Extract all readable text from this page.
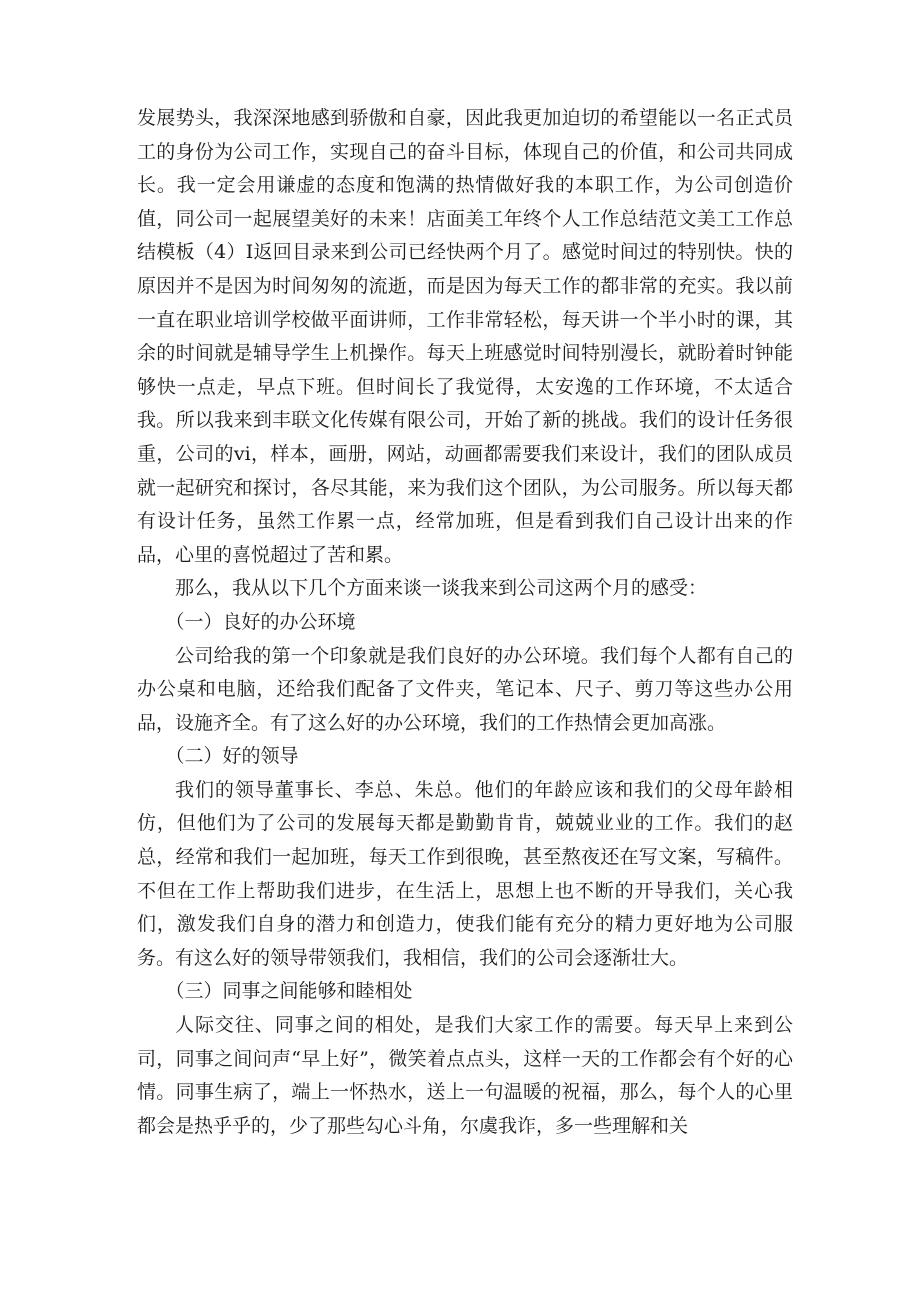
发展势头，我深深地感到骄傲和自豪，因此我更加迫切的希望能以一名正式员工的身份为公司工作，实现自己的奋斗目标，体现自己的价值，和公司共同成长。我一定会用谦虚的态度和饱满的热情做好我的本职工作，为公司创造价值，同公司一起展望美好的未来！店面美工年终个人工作总结范文美工工作总结模板（4）I返回目录来到公司已经快两个月了。感觉时间过的特别快。快的原因并不是因为时间匆匆的流逝，而是因为每天工作的都非常的充实。我以前一直在职业培训学校做平面讲师，工作非常轻松，每天讲一个半小时的课，其余的时间就是辅导学生上机操作。每天上班感觉时间特别漫长，就盼着时钟能够快一点走，早点下班。但时间长了我觉得，太安逸的工作环境，不太适合我。所以我来到丰联文化传媒有限公司，开始了新的挑战。我们的设计任务很重，公司的vi，样本，画册，网站，动画都需要我们来设计，我们的团队成员就一起研究和探讨，各尽其能，来为我们这个团队，为公司服务。所以每天都有设计任务，虽然工作累一点，经常加班，但是看到我们自己设计出来的作品，心里的喜悦超过了苦和累。

那么，我从以下几个方面来谈一谈我来到公司这两个月的感受：

（一）良好的办公环境

公司给我的第一个印象就是我们良好的办公环境。我们每个人都有自己的办公桌和电脑，还给我们配备了文件夹，笔记本、尺子、剪刀等这些办公用品，设施齐全。有了这么好的办公环境，我们的工作热情会更加高涨。

（二）好的领导

我们的领导董事长、李总、朱总。他们的年龄应该和我们的父母年龄相仿，但他们为了公司的发展每天都是勤勤肯肯，兢兢业业的工作。我们的赵总，经常和我们一起加班，每天工作到很晚，甚至熬夜还在写文案，写稿件。不但在工作上帮助我们进步，在生活上，思想上也不断的开导我们，关心我们，激发我们自身的潜力和创造力，使我们能有充分的精力更好地为公司服务。有这么好的领导带领我们，我相信，我们的公司会逐渐壮大。

（三）同事之间能够和睦相处

人际交往、同事之间的相处，是我们大家工作的需要。每天早上来到公司，同事之间问声“早上好”，微笑着点点头，这样一天的工作都会有个好的心情。同事生病了，端上一怀热水，送上一句温暖的祝福，那么，每个人的心里都会是热乎乎的，少了那些勾心斗角，尔虞我诈，多一些理解和关
